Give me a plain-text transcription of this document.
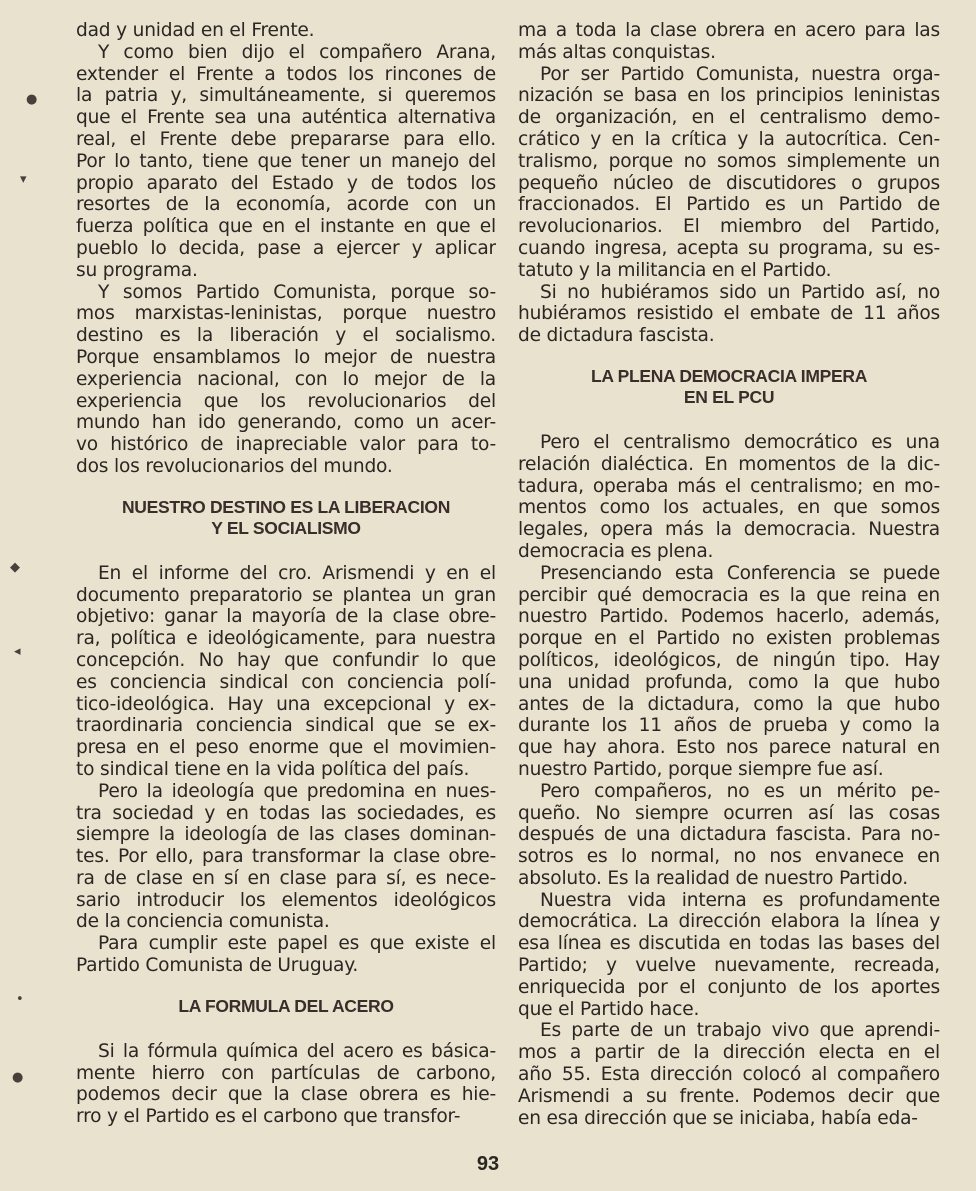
dad y unidad en el Frente.
Y como bien dijo el compañero Arana,
extender el Frente a todos los rincones de
la patria y, simultáneamente, si queremos
que el Frente sea una auténtica alternativa
real, el Frente debe prepararse para ello.
Por lo tanto, tiene que tener un manejo del
propio aparato del Estado y de todos los
resortes de la economía, acorde con un
fuerza política que en el instante en que el
pueblo lo decida, pase a ejercer y aplicar
su programa.
Y somos Partido Comunista, porque so-
mos marxistas-leninistas, porque nuestro
destino es la liberación y el socialismo.
Porque ensamblamos lo mejor de nuestra
experiencia nacional, con lo mejor de la
experiencia que los revolucionarios del
mundo han ido generando, como un acer-
vo histórico de inapreciable valor para to-
dos los revolucionarios del mundo.
NUESTRO DESTINO ES LA LIBERACION
Y EL SOCIALISMO
En el informe del cro. Arismendi y en el
documento preparatorio se plantea un gran
objetivo: ganar la mayoría de la clase obre-
ra, política e ideológicamente, para nuestra
concepción. No hay que confundir lo que
es conciencia sindical con conciencia polí-
tico-ideológica. Hay una excepcional y ex-
traordinaria conciencia sindical que se ex-
presa en el peso enorme que el movimien-
to sindical tiene en la vida política del país.
Pero la ideología que predomina en nues-
tra sociedad y en todas las sociedades, es
siempre la ideología de las clases dominan-
tes. Por ello, para transformar la clase obre-
ra de clase en sí en clase para sí, es nece-
sario introducir los elementos ideológicos
de la conciencia comunista.
Para cumplir este papel es que existe el
Partido Comunista de Uruguay.
LA FORMULA DEL ACERO
Si la fórmula química del acero es básica-
mente hierro con partículas de carbono,
podemos decir que la clase obrera es hie-
rro y el Partido es el carbono que transfor-
ma a toda la clase obrera en acero para las
más altas conquistas.
Por ser Partido Comunista, nuestra orga-
nización se basa en los principios leninistas
de organización, en el centralismo demo-
crático y en la crítica y la autocrítica. Cen-
tralismo, porque no somos simplemente un
pequeño núcleo de discutidores o grupos
fraccionados. El Partido es un Partido de
revolucionarios. El miembro del Partido,
cuando ingresa, acepta su programa, su es-
tatuto y la militancia en el Partido.
Si no hubiéramos sido un Partido así, no
hubiéramos resistido el embate de 11 años
de dictadura fascista.
LA PLENA DEMOCRACIA IMPERA
EN EL PCU
Pero el centralismo democrático es una
relación dialéctica. En momentos de la dic-
tadura, operaba más el centralismo; en mo-
mentos como los actuales, en que somos
legales, opera más la democracia. Nuestra
democracia es plena.
Presenciando esta Conferencia se puede
percibir qué democracia es la que reina en
nuestro Partido. Podemos hacerlo, además,
porque en el Partido no existen problemas
políticos, ideológicos, de ningún tipo. Hay
una unidad profunda, como la que hubo
antes de la dictadura, como la que hubo
durante los 11 años de prueba y como la
que hay ahora. Esto nos parece natural en
nuestro Partido, porque siempre fue así.
Pero compañeros, no es un mérito pe-
queño. No siempre ocurren así las cosas
después de una dictadura fascista. Para no-
sotros es lo normal, no nos envanece en
absoluto. Es la realidad de nuestro Partido.
Nuestra vida interna es profundamente
democrática. La dirección elabora la línea y
esa línea es discutida en todas las bases del
Partido; y vuelve nuevamente, recreada,
enriquecida por el conjunto de los aportes
que el Partido hace.
Es parte de un trabajo vivo que aprendi-
mos a partir de la dirección electa en el
año 55. Esta dirección colocó al compañero
Arismendi a su frente. Podemos decir que
en esa dirección que se iniciaba, había eda-
●
▾
◆
◂
•
●
93
